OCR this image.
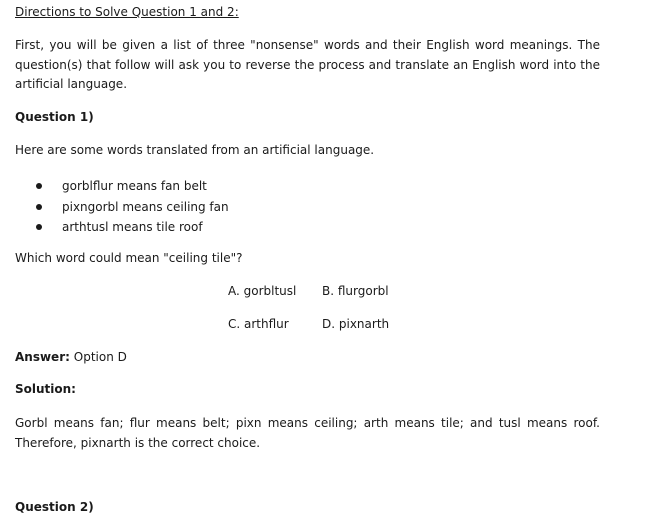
Directions to Solve Question 1 and 2:
First, you will be given a list of three "nonsense" words and their English word meanings. The question(s) that follow will ask you to reverse the process and translate an English word into the artificial language.
Question 1)
Here are some words translated from an artificial language.
gorblflur means fan belt
pixngorbl means ceiling fan
arthtusl means tile roof
Which word could mean "ceiling tile"?
A. gorbltusl B. flurgorbl
C. arthflur	D. pixnarth
Answer: Option D
Solution:
Gorbl means fan; flur means belt; pixn means ceiling; arth means tile; and tusl means roof. Therefore, pixnarth is the correct choice.
Question 2)
